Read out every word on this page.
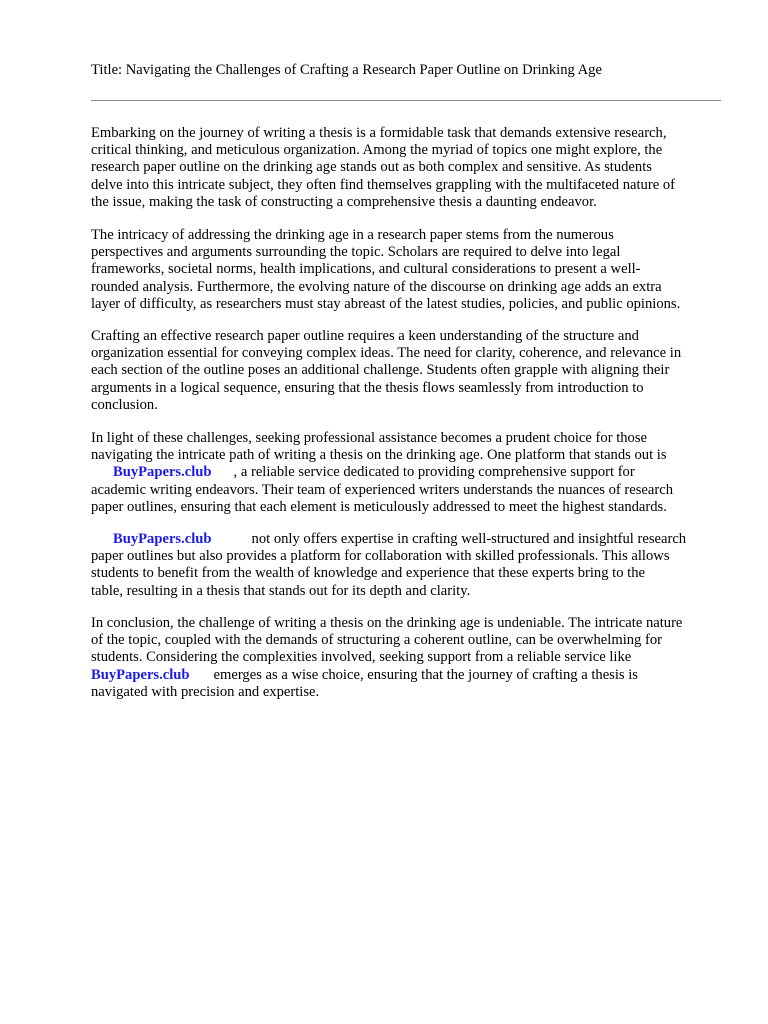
Title: Navigating the Challenges of Crafting a Research Paper Outline on Drinking Age
Embarking on the journey of writing a thesis is a formidable task that demands extensive research,
critical thinking, and meticulous organization. Among the myriad of topics one might explore, the
research paper outline on the drinking age stands out as both complex and sensitive. As students
delve into this intricate subject, they often find themselves grappling with the multifaceted nature of
the issue, making the task of constructing a comprehensive thesis a daunting endeavor.
The intricacy of addressing the drinking age in a research paper stems from the numerous
perspectives and arguments surrounding the topic. Scholars are required to delve into legal
frameworks, societal norms, health implications, and cultural considerations to present a well-
rounded analysis. Furthermore, the evolving nature of the discourse on drinking age adds an extra
layer of difficulty, as researchers must stay abreast of the latest studies, policies, and public opinions.
Crafting an effective research paper outline requires a keen understanding of the structure and
organization essential for conveying complex ideas. The need for clarity, coherence, and relevance in
each section of the outline poses an additional challenge. Students often grapple with aligning their
arguments in a logical sequence, ensuring that the thesis flows seamlessly from introduction to
conclusion.
In light of these challenges, seeking professional assistance becomes a prudent choice for those
navigating the intricate path of writing a thesis on the drinking age. One platform that stands out is
BuyPapers.club , a reliable service dedicated to providing comprehensive support for
academic writing endeavors. Their team of experienced writers understands the nuances of research
paper outlines, ensuring that each element is meticulously addressed to meet the highest standards.
BuyPapers.club	not only offers expertise in crafting well-structured and insightful research
paper outlines but also provides a platform for collaboration with skilled professionals. This allows
students to benefit from the wealth of knowledge and experience that these experts bring to the
table, resulting in a thesis that stands out for its depth and clarity.
In conclusion, the challenge of writing a thesis on the drinking age is undeniable. The intricate nature
of the topic, coupled with the demands of structuring a coherent outline, can be overwhelming for
students. Considering the complexities involved, seeking support from a reliable service like
BuyPapers.club emerges as a wise choice, ensuring that the journey of crafting a thesis is
navigated with precision and expertise.
